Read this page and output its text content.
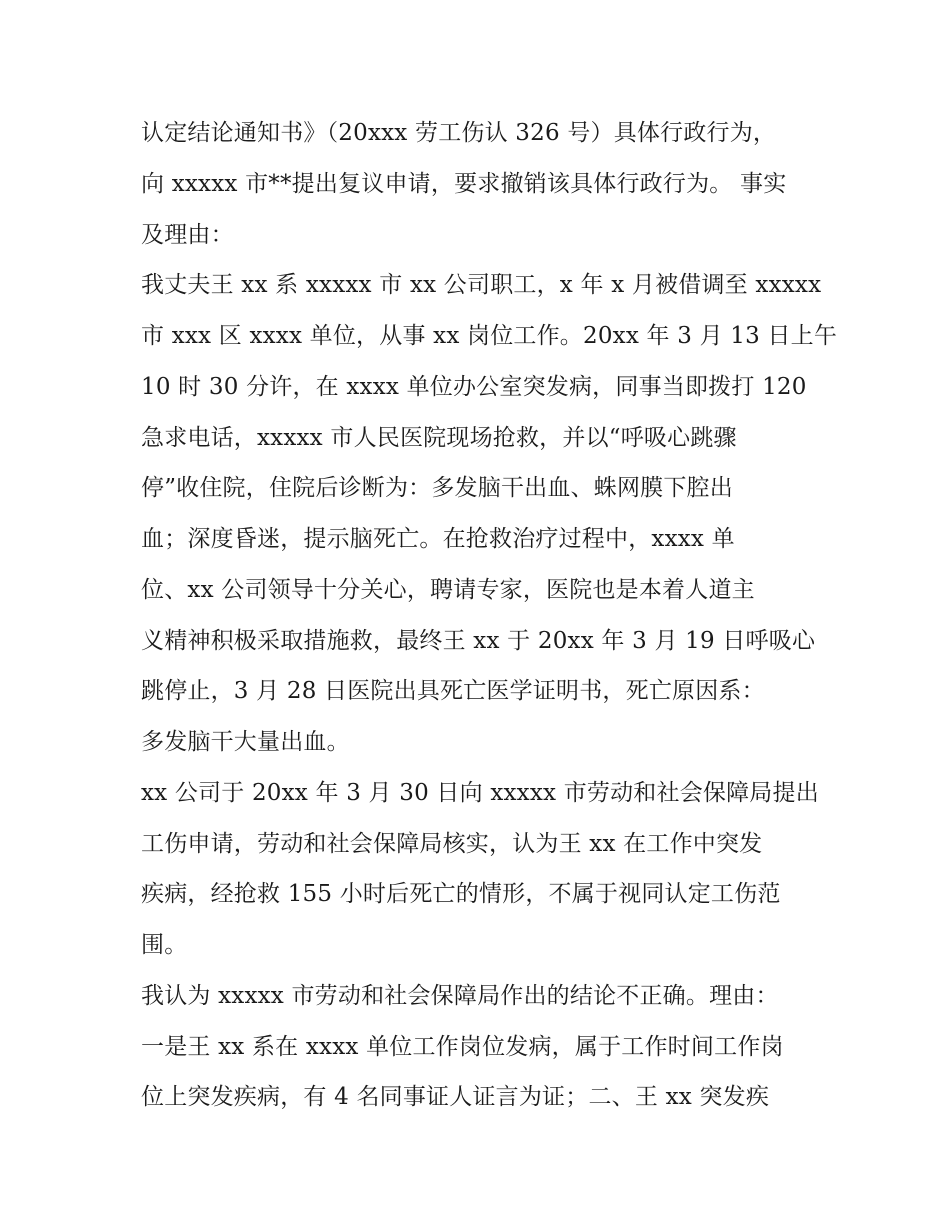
认定结论通知书》（20xxx 劳工伤认 326 号）具体行政行为，
向 xxxxx 市**提出复议申请，要求撤销该具体行政行为。 事实
及理由：
我丈夫王 xx 系 xxxxx 市 xx 公司职工，x 年 x 月被借调至 xxxxx
市 xxx 区 xxxx 单位，从事 xx 岗位工作。20xx 年 3 月 13 日上午
10 时 30 分许，在 xxxx 单位办公室突发病，同事当即拨打 120
急求电话，xxxxx 市人民医院现场抢救，并以“呼吸心跳骤
停”收住院，住院后诊断为：多发脑干出血、蛛网膜下腔出
血；深度昏迷，提示脑死亡。在抢救治疗过程中，xxxx 单
位、xx 公司领导十分关心，聘请专家，医院也是本着人道主
义精神积极采取措施救，最终王 xx 于 20xx 年 3 月 19 日呼吸心
跳停止，3 月 28 日医院出具死亡医学证明书，死亡原因系：
多发脑干大量出血。
xx 公司于 20xx 年 3 月 30 日向 xxxxx 市劳动和社会保障局提出
工伤申请，劳动和社会保障局核实，认为王 xx 在工作中突发
疾病，经抢救 155 小时后死亡的情形，不属于视同认定工伤范
围。
我认为 xxxxx 市劳动和社会保障局作出的结论不正确。理由：
一是王 xx 系在 xxxx 单位工作岗位发病，属于工作时间工作岗
位上突发疾病，有 4 名同事证人证言为证；二、王 xx 突发疾
